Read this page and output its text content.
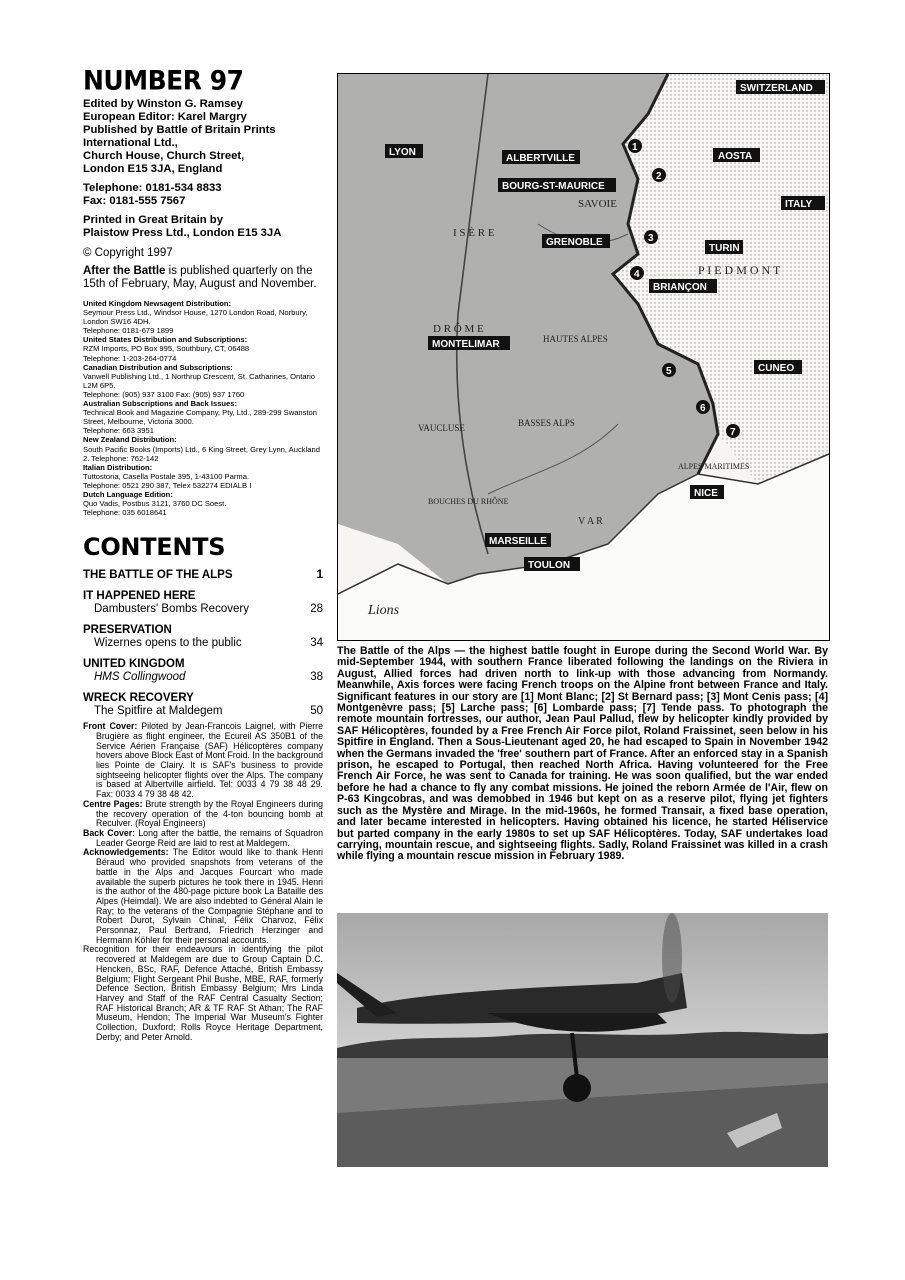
NUMBER 97
Edited by Winston G. Ramsey
European Editor: Karel Margry
Published by Battle of Britain Prints
International Ltd.,
Church House, Church Street,
London E15 3JA, England
Telephone: 0181-534 8833
Fax: 0181-555 7567
Printed in Great Britain by
Plaistow Press Ltd., London E15 3JA
© Copyright 1997
After the Battle is published quarterly on the 15th of February, May, August and November.
United Kingdom Newsagent Distribution:
Seymour Press Ltd., Windsor House, 1270 London Road, Norbury, London SW16 4DH.
Telephone: 0181-679 1899
United States Distribution and Subscriptions:
RZM Imports, PO Box 995, Southbury, CT, 06488
Telephone: 1-203-264-0774
Canadian Distribution and Subscriptions:
Vanwell Publishing Ltd., 1 Northrup Crescent, St. Catharines, Ontario L2M 6P5.
Telephone: (905) 937 3100 Fax: (905) 937 1760
Australian Subscriptions and Back Issues:
Technical Book and Magazine Company, Pty, Ltd., 289-299 Swanston Street, Melbourne, Victoria 3000.
Telephone: 663 3951
New Zealand Distribution:
South Pacific Books (Imports) Ltd., 6 King Street, Grey Lynn, Auckland 2. Telephone: 762-142
Italian Distribution:
Tuttostoria, Casella Postale 395, 1-43100 Parma.
Telephone: 0521 290 387, Telex 532274 EDIALB I
Dutch Language Edition:
Quo Vadis, Postbus 3121, 3760 DC Soest.
Telephone: 035 6018641
CONTENTS
THE BATTLE OF THE ALPS	1
IT HAPPENED HERE
Dambusters' Bombs Recovery	28
PRESERVATION
Wizernes opens to the public	34
UNITED KINGDOM
HMS Collingwood	38
WRECK RECOVERY
The Spitfire at Maldegem	50

Front Cover: Piloted by Jean-Francois Laignel, with Pierre Brugière as flight engineer, the Ecureil AS 350B1 of the Service Aérien Française (SAF) Hélicoptères company hovers above Block East of Mont Froid. In the background lies Pointe de Clairy. It is SAF's business to provide sightseeing helicopter flights over the Alps. The company is based at Albertville airfield. Tel: 0033 4 79 38 48 29. Fax: 0033 4 79 38 48 42.

Centre Pages: Brute strength by the Royal Engineers during the recovery operation of the 4-ton bouncing bomb at Reculver. (Royal Engineers)

Back Cover: Long after the battle, the remains of Squadron Leader George Reid are laid to rest at Maldegem.

Acknowledgements: The Editor would like to thank Henri Béraud who provided snapshots from veterans of the battle in the Alps and Jacques Fourcart who made available the superb pictures he took there in 1945. Henri is the author of the 480-page picture book La Bataille des Alpes (Heimdal). We are also indebted to Général Alain le Ray; to the veterans of the Compagnie Stéphane and to Robert Durot, Sylvain Chinal, Félix Charvoz, Félix Personnaz, Paul Bertrand, Friedrich Herzinger and Hermann Köhler for their personal accounts.

Recognition for their endeavours in identifying the pilot recovered at Maldegem are due to Group Captain D.C. Hencken, BSc, RAF, Defence Attaché, British Embassy Belgium; Flight Sergeant Phil Bushe, MBE, RAF, formerly Defence Section, British Embassy Belgium; Mrs Linda Harvey and Staff of the RAF Central Casualty Section; RAF Historical Branch; AR & TF RAF St Athan; The RAF Museum, Hendon; The Imperial War Museum's Fighter Collection, Duxford; Rolls Royce Heritage Department, Derby; and Peter Arnold.

SAVOIE
I S È R E
D R Ô M E
HAUTES ALPES
VAUCLUSE	BASSES ALPS
ALPES MARITIMES
BOUCHES DU RHÔNE
P I E D M O N T
V A R
Lions
SWITZERLAND
LYON
ALBERTVILLE	AOSTA
BOURG-ST-MAURICE
ITALY
GRENOBLE
TURIN
BRIANÇON
MONTELIMAR
CUNEO
NICE
MARSEILLE
TOULON
1
2
3
4
5
6
7
The Battle of the Alps — the highest battle fought in Europe during the Second World War. By mid-September 1944, with southern France liberated following the landings on the Riviera in August, Allied forces had driven north to link-up with those advancing from Normandy. Meanwhile, Axis forces were facing French troops on the Alpine front between France and Italy. Significant features in our story are [1] Mont Blanc; [2] St Bernard pass; [3] Mont Cenis pass; [4] Montgenèvre pass; [5] Larche pass; [6] Lombarde pass; [7] Tende pass. To photograph the remote mountain fortresses, our author, Jean Paul Pallud, flew by helicopter kindly provided by SAF Hélicoptères, founded by a Free French Air Force pilot, Roland Fraissinet, seen below in his Spitfire in England. Then a Sous-Lieutenant aged 20, he had escaped to Spain in November 1942 when the Germans invaded the 'free' southern part of France. After an enforced stay in a Spanish prison, he escaped to Portugal, then reached North Africa. Having volunteered for the Free French Air Force, he was sent to Canada for training. He was soon qualified, but the war ended before he had a chance to fly any combat missions. He joined the reborn Armée de l'Air, flew on P-63 Kingcobras, and was demobbed in 1946 but kept on as a reserve pilot, flying jet fighters such as the Mystère and Mirage. In the mid-1960s, he formed Transair, a fixed base operation, and later became interested in helicopters. Having obtained his licence, he started Héliservice but parted company in the early 1980s to set up SAF Hélicoptères. Today, SAF undertakes load carrying, mountain rescue, and sightseeing flights. Sadly, Roland Fraissinet was killed in a crash while flying a mountain rescue mission in February 1989.
